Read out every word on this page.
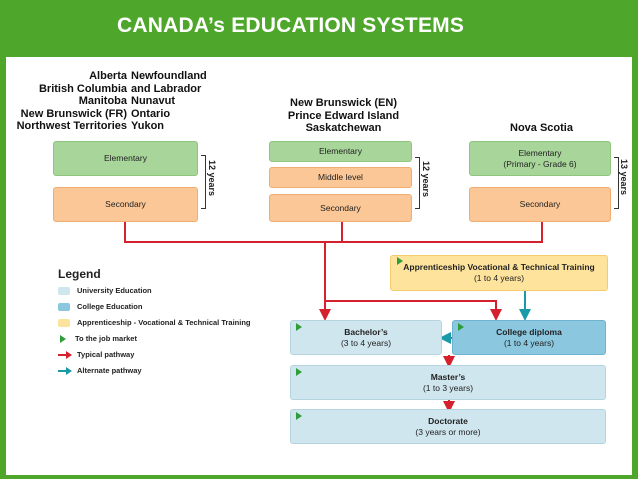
CANADA’s EDUCATION SYSTEMS
Alberta
British Columbia
Manitoba
New Brunswick (FR)
Northwest Territories
Newfoundland
and Labrador
Nunavut
Ontario
Yukon
Elementary
Secondary
12 years
New Brunswick (EN)
Prince Edward Island
Saskatchewan
Elementary
Middle level
Secondary
12 years
Nova Scotia
Elementary
(Primary - Grade 6)
Secondary
13 years
Legend
University Education
College Education
Apprenticeship - Vocational & Technical Training
To the job market
Typical pathway
Alternate pathway
Apprenticeship Vocational & Technical Training
(1 to 4 years)
Bachelor’s
(3 to 4 years)
College diploma
(1 to 4 years)
Master’s
(1 to 3 years)
Doctorate
(3 years or more)
